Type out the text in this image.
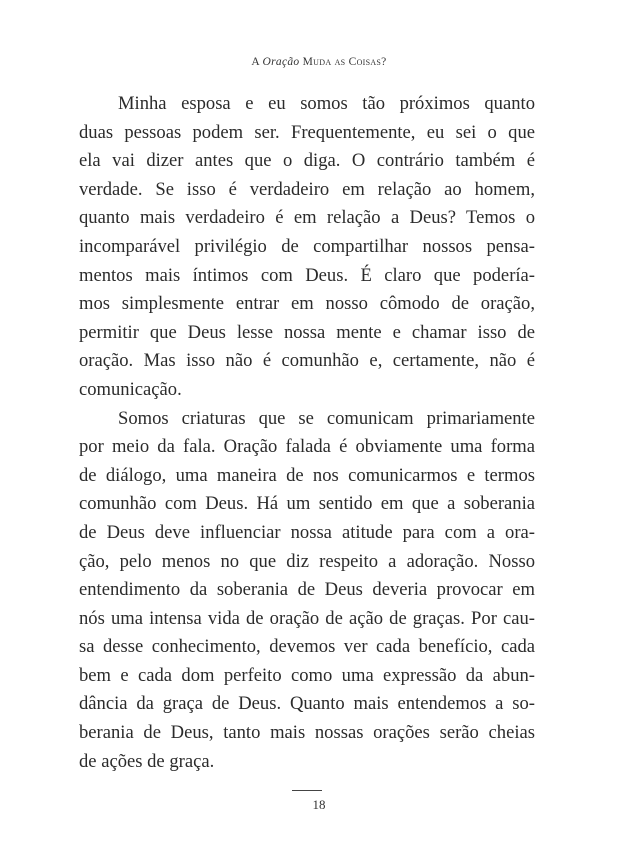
A Oração Muda as Coisas?
Minha esposa e eu somos tão próximos quanto
duas pessoas podem ser. Frequentemente, eu sei o que
ela vai dizer antes que o diga. O contrário também é
verdade. Se isso é verdadeiro em relação ao homem,
quanto mais verdadeiro é em relação a Deus? Temos o
incomparável privilégio de compartilhar nossos pensa-
mentos mais íntimos com Deus. É claro que podería-
mos simplesmente entrar em nosso cômodo de oração,
permitir que Deus lesse nossa mente e chamar isso de
oração. Mas isso não é comunhão e, certamente, não é
comunicação.
Somos criaturas que se comunicam primariamente
por meio da fala. Oração falada é obviamente uma forma
de diálogo, uma maneira de nos comunicarmos e termos
comunhão com Deus. Há um sentido em que a soberania
de Deus deve influenciar nossa atitude para com a ora-
ção, pelo menos no que diz respeito a adoração. Nosso
entendimento da soberania de Deus deveria provocar em
nós uma intensa vida de oração de ação de graças. Por cau-
sa desse conhecimento, devemos ver cada benefício, cada
bem e cada dom perfeito como uma expressão da abun-
dância da graça de Deus. Quanto mais entendemos a so-
berania de Deus, tanto mais nossas orações serão cheias
de ações de graça.
18
